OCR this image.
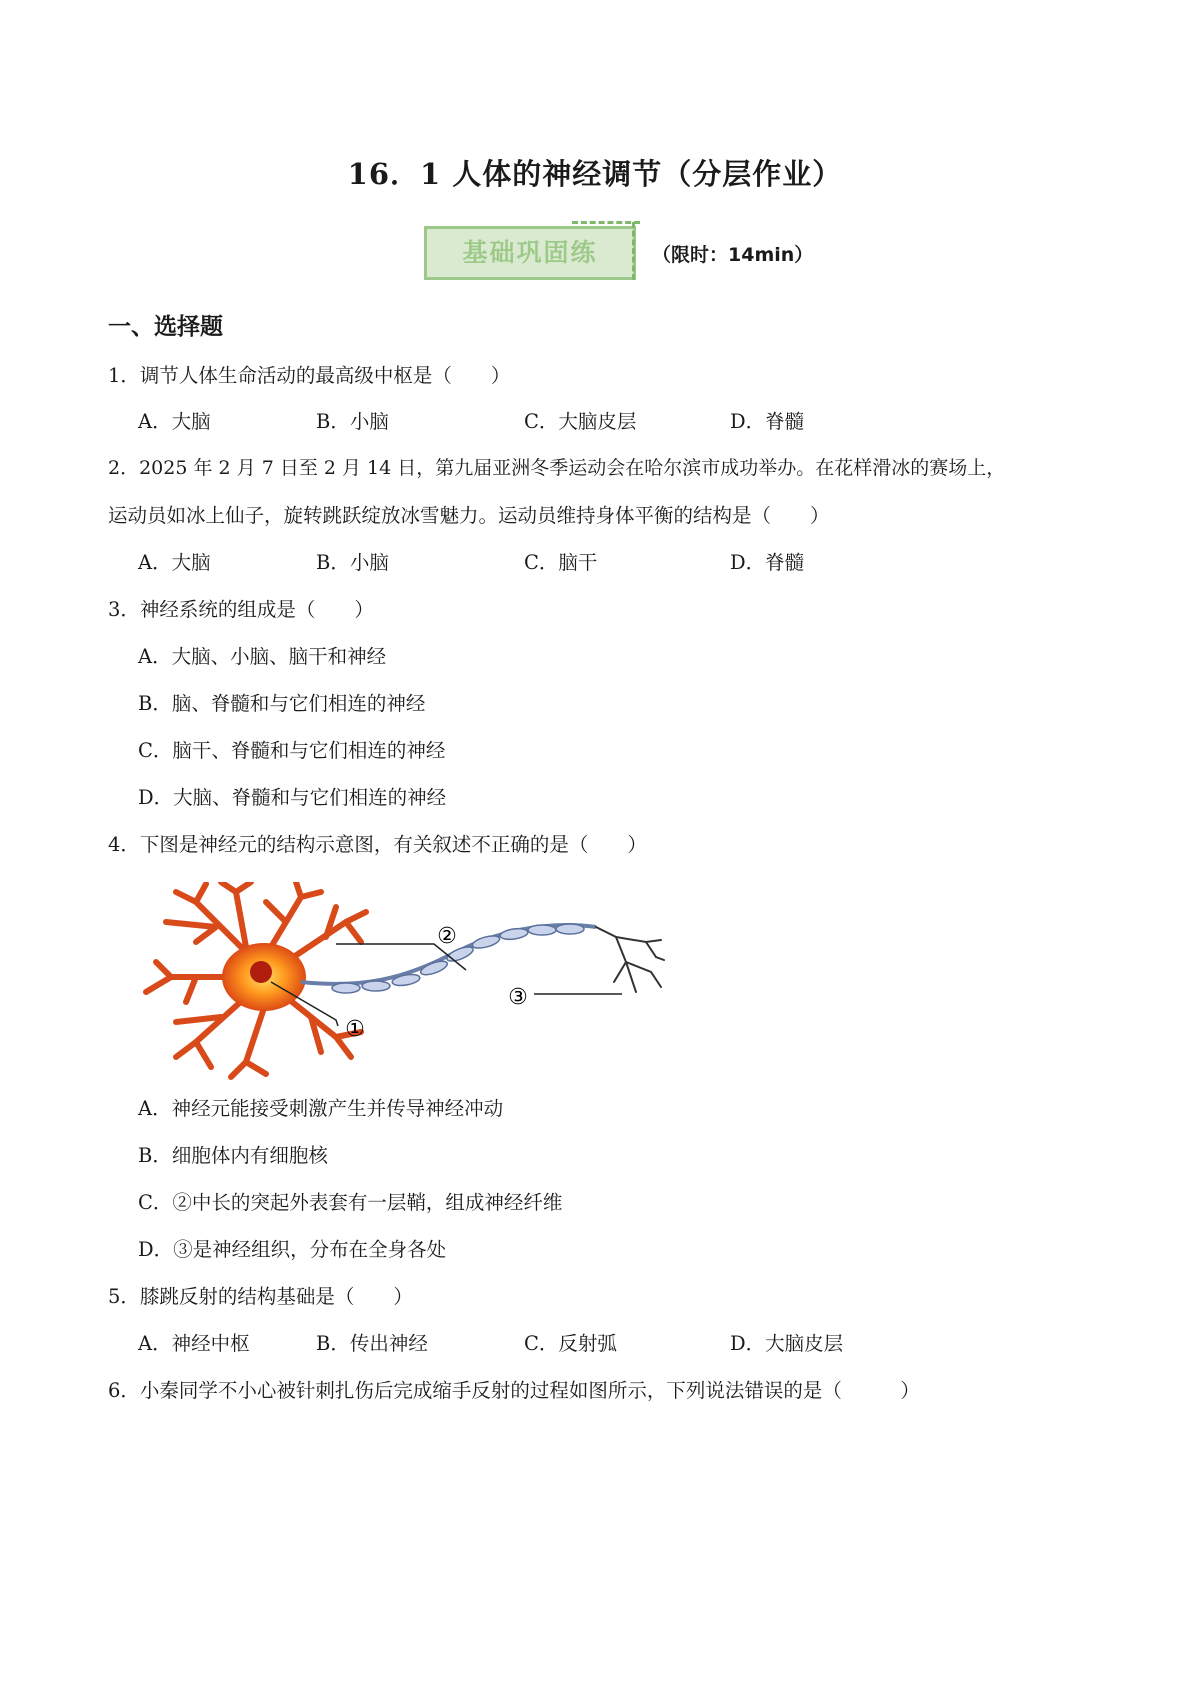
16．1 人体的神经调节（分层作业）
基础巩固练	（限时：14min）
一、选择题
1．调节人体生命活动的最高级中枢是（　　）
A．大脑	B．小脑	C．大脑皮层	D．脊髓
2．2025 年 2 月 7 日至 2 月 14 日，第九届亚洲冬季运动会在哈尔滨市成功举办。在花样滑冰的赛场上，
运动员如冰上仙子，旋转跳跃绽放冰雪魅力。运动员维持身体平衡的结构是（　　）
A．大脑	B．小脑	C．脑干	D．脊髓
3．神经系统的组成是（　　）
A．大脑、小脑、脑干和神经
B．脑、脊髓和与它们相连的神经
C．脑干、脊髓和与它们相连的神经
D．大脑、脊髓和与它们相连的神经
4．下图是神经元的结构示意图，有关叙述不正确的是（　　）
②
①
③
A．神经元能接受刺激产生并传导神经冲动
B．细胞体内有细胞核
C．②中长的突起外表套有一层鞘，组成神经纤维
D．③是神经组织，分布在全身各处
5．膝跳反射的结构基础是（　　）
A．神经中枢	B．传出神经	C．反射弧	D．大脑皮层
6．小秦同学不小心被针刺扎伤后完成缩手反射的过程如图所示，下列说法错误的是（　　　）
